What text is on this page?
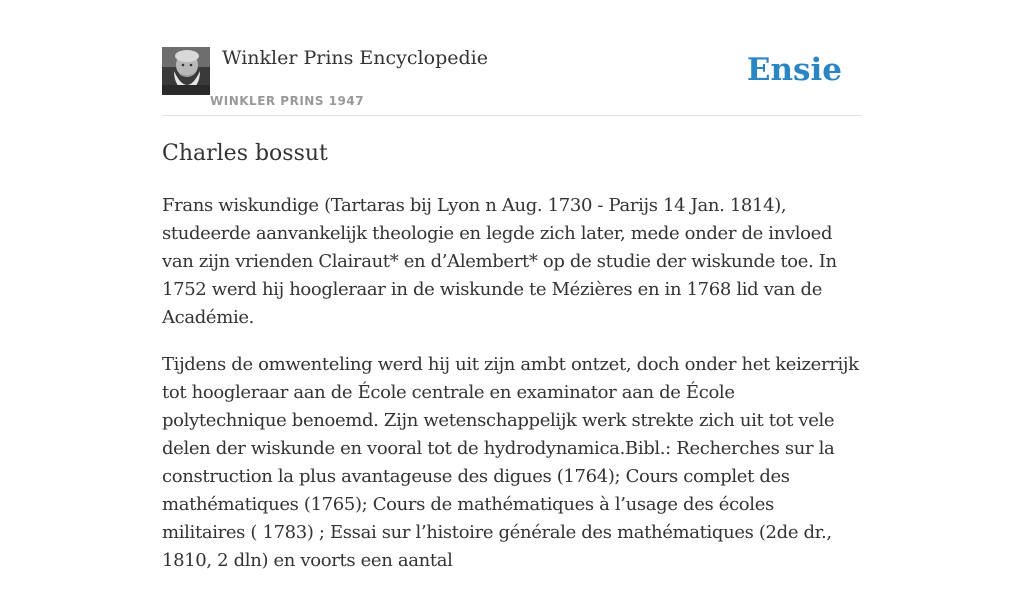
Winkler Prins Encyclopedie
WINKLER PRINS 1947
Ensie
Charles bossut

Frans wiskundige (Tartaras bij Lyon n Aug. 1730 - Parijs 14 Jan. 1814), studeerde aanvankelijk theologie en legde zich later, mede onder de invloed van zijn vrienden Clairaut* en d’Alembert* op de studie der wiskunde toe. In 1752 werd hij hoogleraar in de wiskunde te Mézières en in 1768 lid van de Académie.

Tijdens de omwenteling werd hij uit zijn ambt ontzet, doch onder het keizerrijk tot hoogleraar aan de École centrale en examinator aan de École polytechnique benoemd. Zijn wetenschappelijk werk strekte zich uit tot vele delen der wiskunde en vooral tot de hydrodynamica.Bibl.: Recherches sur la construction la plus avantageuse des digues (1764); Cours complet des mathématiques (1765); Cours de mathématiques à l’usage des écoles militaires ( 1783) ; Essai sur l’histoire générale des mathématiques (2de dr., 1810, 2 dln) en voorts een aantal
